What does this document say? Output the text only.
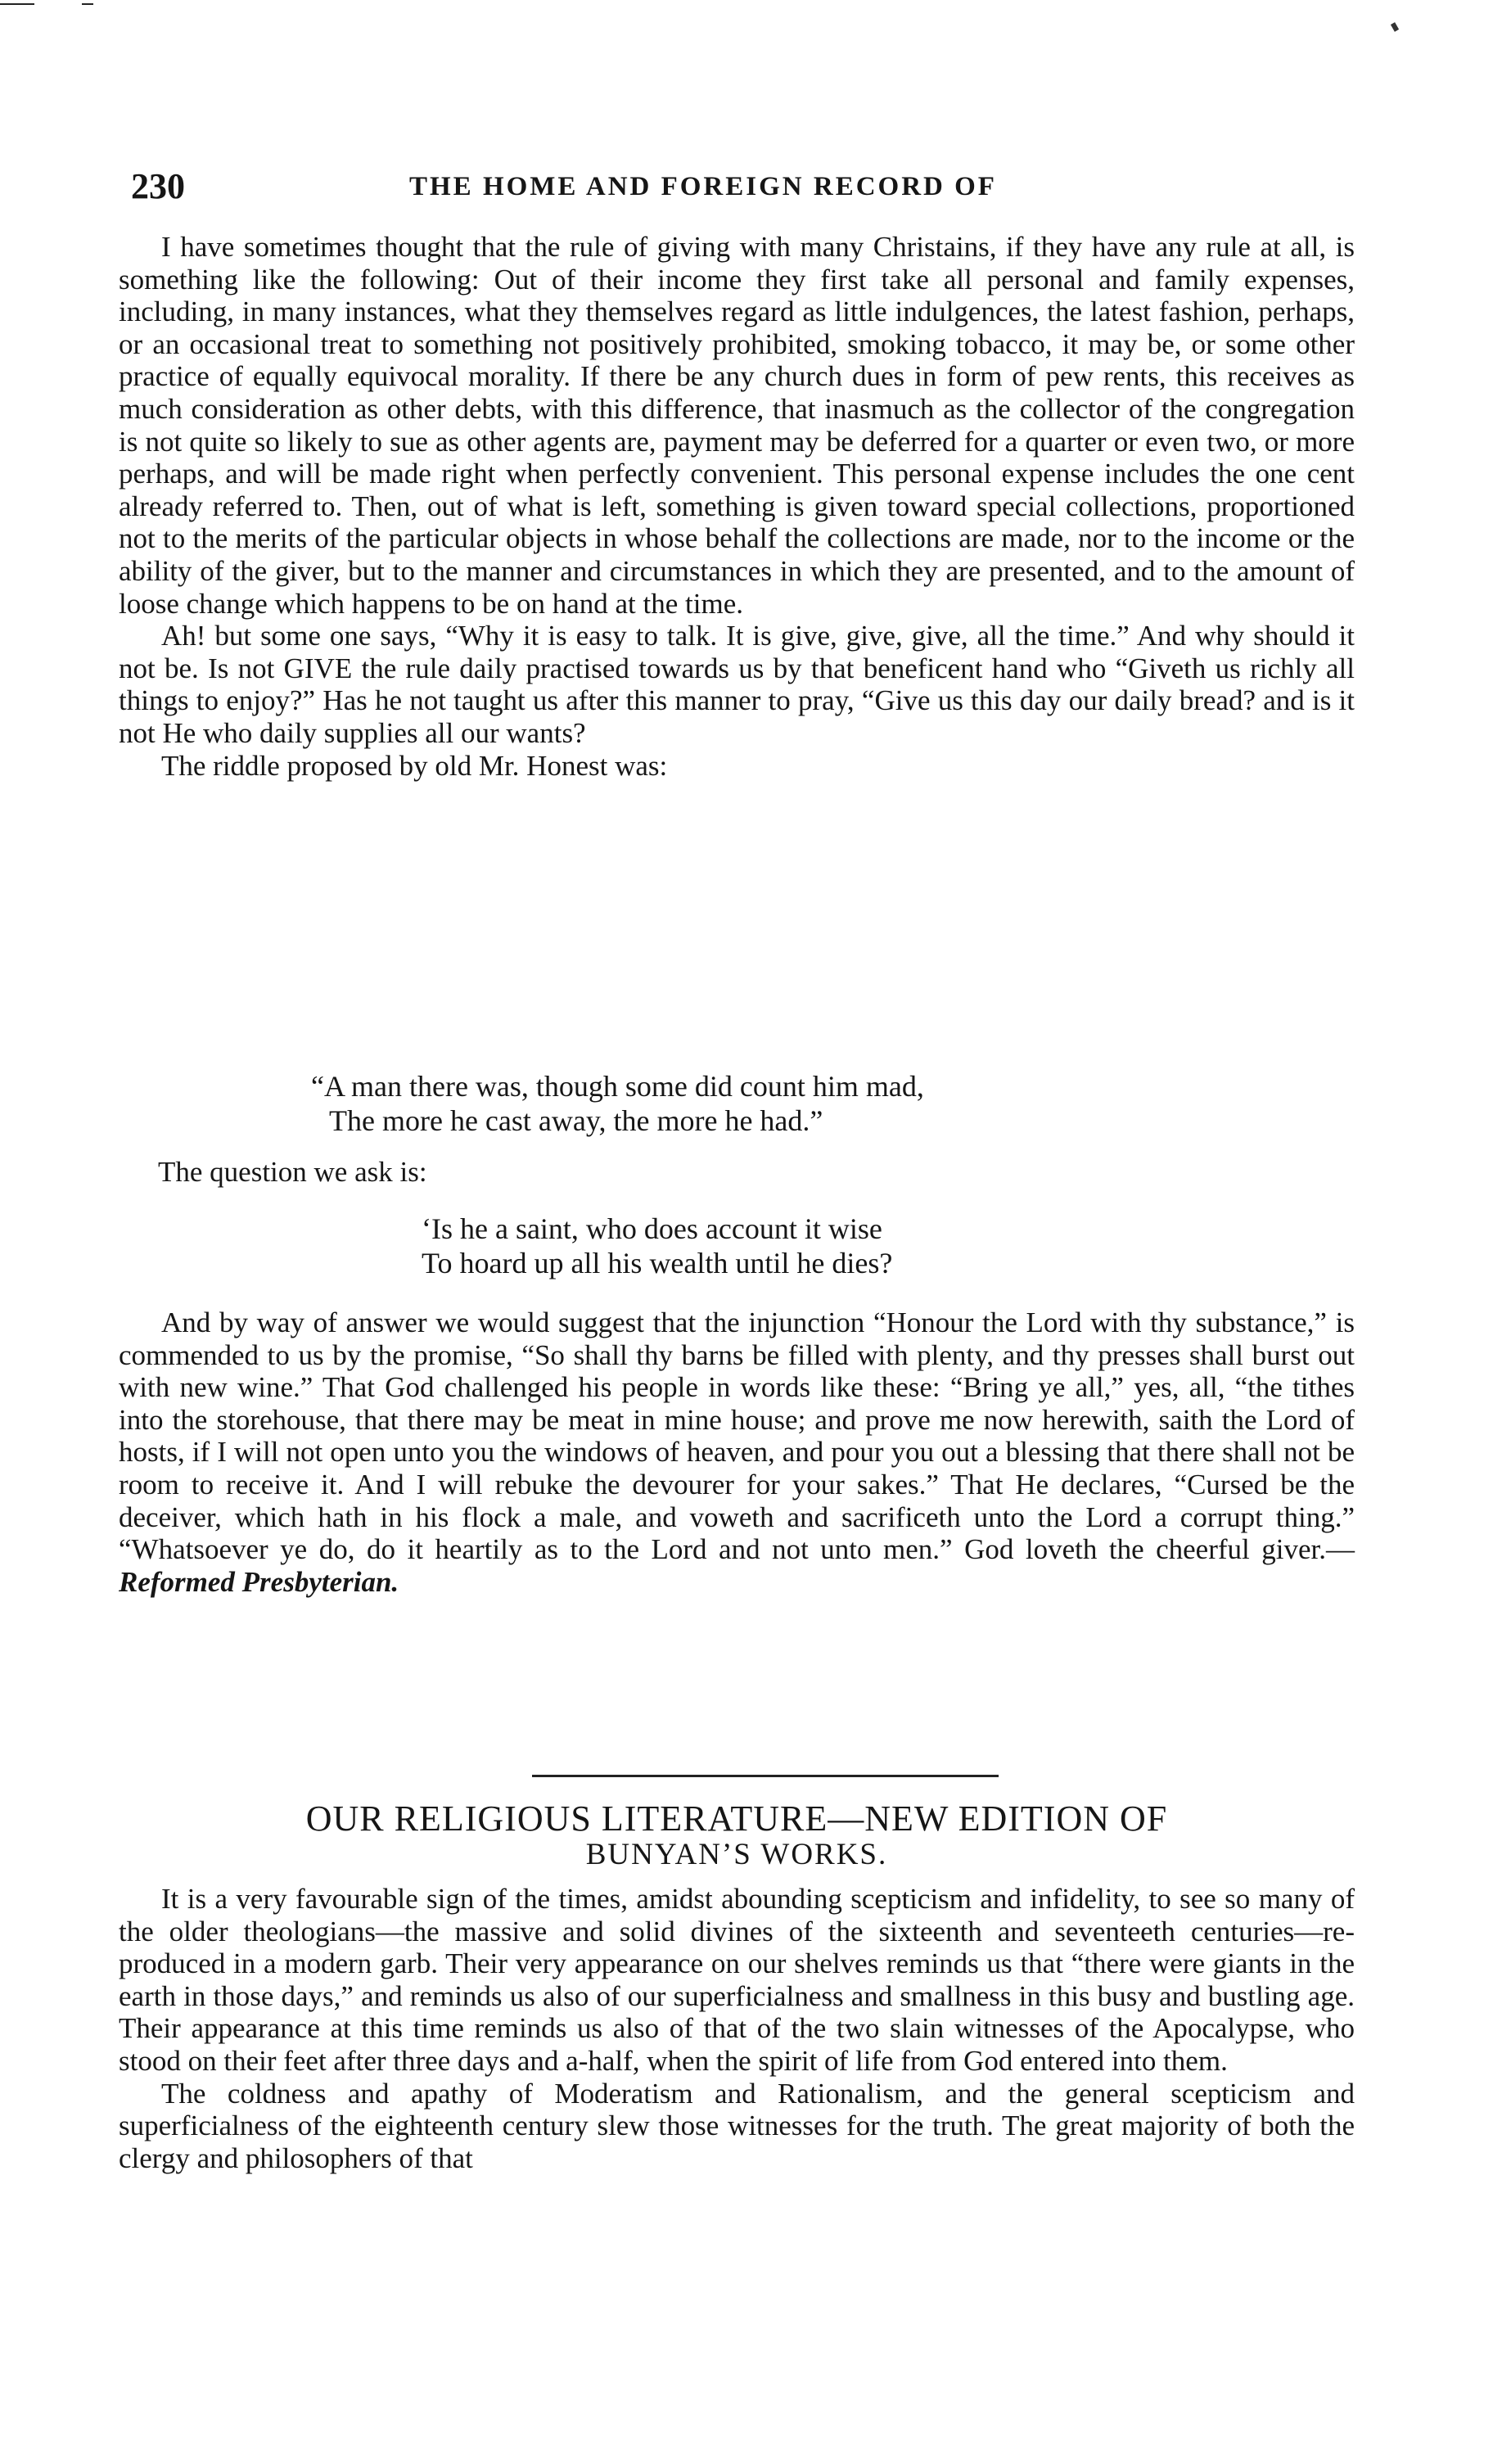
230	THE HOME AND FOREIGN RECORD OF

I have sometimes thought that the rule of giving with many Christains, if they have any rule at all, is something like the following: Out of their income they first take all personal and family expenses, including, in many instances, what they themselves regard as little indulgences, the latest fashion, perhaps, or an occasional treat to something not positively prohibited, smoking tobacco, it may be, or some other practice of equally equivocal morality. If there be any church dues in form of pew rents, this receives as much consideration as other debts, with this difference, that inasmuch as the collector of the congregation is not quite so likely to sue as other agents are, payment may be deferred for a quarter or even two, or more perhaps, and will be made right when perfectly convenient. This personal expense includes the one cent already referred to. Then, out of what is left, something is given toward special collections, proportioned not to the merits of the particular objects in whose behalf the collections are made, nor to the income or the ability of the giver, but to the manner and circumstances in which they are presented, and to the amount of loose change which happens to be on hand at the time.

Ah! but some one says, “Why it is easy to talk. It is give, give, give, all the time.” And why should it not be. Is not GIVE the rule daily practised towards us by that beneficent hand who “Giveth us richly all things to enjoy?” Has he not taught us after this manner to pray, “Give us this day our daily bread? and is it not He who daily supplies all our wants?

The riddle proposed by old Mr. Honest was:

“A man there was, though some did count him mad,
The more he cast away, the more he had.”

The question we ask is:

‘Is he a saint, who does account it wise
To hoard up all his wealth until he dies?

And by way of answer we would suggest that the injunction “Honour the Lord with thy substance,” is commended to us by the promise, “So shall thy barns be filled with plenty, and thy presses shall burst out with new wine.” That God challenged his people in words like these: “Bring ye all,” yes, all, “the tithes into the storehouse, that there may be meat in mine house; and prove me now herewith, saith the Lord of hosts, if I will not open unto you the windows of heaven, and pour you out a blessing that there shall not be room to receive it. And I will rebuke the devourer for your sakes.” That He declares, “Cursed be the deceiver, which hath in his flock a male, and voweth and sacrificeth unto the Lord a corrupt thing.” “Whatsoever ye do, do it heartily as to the Lord and not unto men.” God loveth the cheerful giver.— Reformed Presbyterian.

OUR RELIGIOUS LITERATURE—NEW EDITION OF
BUNYAN’S WORKS.

It is a very favourable sign of the times, amidst abounding scepticism and infidelity, to see so many of the older theologians—the massive and solid divines of the sixteenth and seventeeth centuries—re-produced in a modern garb. Their very appearance on our shelves reminds us that “there were giants in the earth in those days,” and reminds us also of our superficialness and smallness in this busy and bustling age. Their appearance at this time reminds us also of that of the two slain witnesses of the Apocalypse, who stood on their feet after three days and a-half, when the spirit of life from God entered into them.

The coldness and apathy of Moderatism and Rationalism, and the general scepticism and superficialness of the eighteenth century slew those witnesses for the truth. The great majority of both the clergy and philosophers of that
